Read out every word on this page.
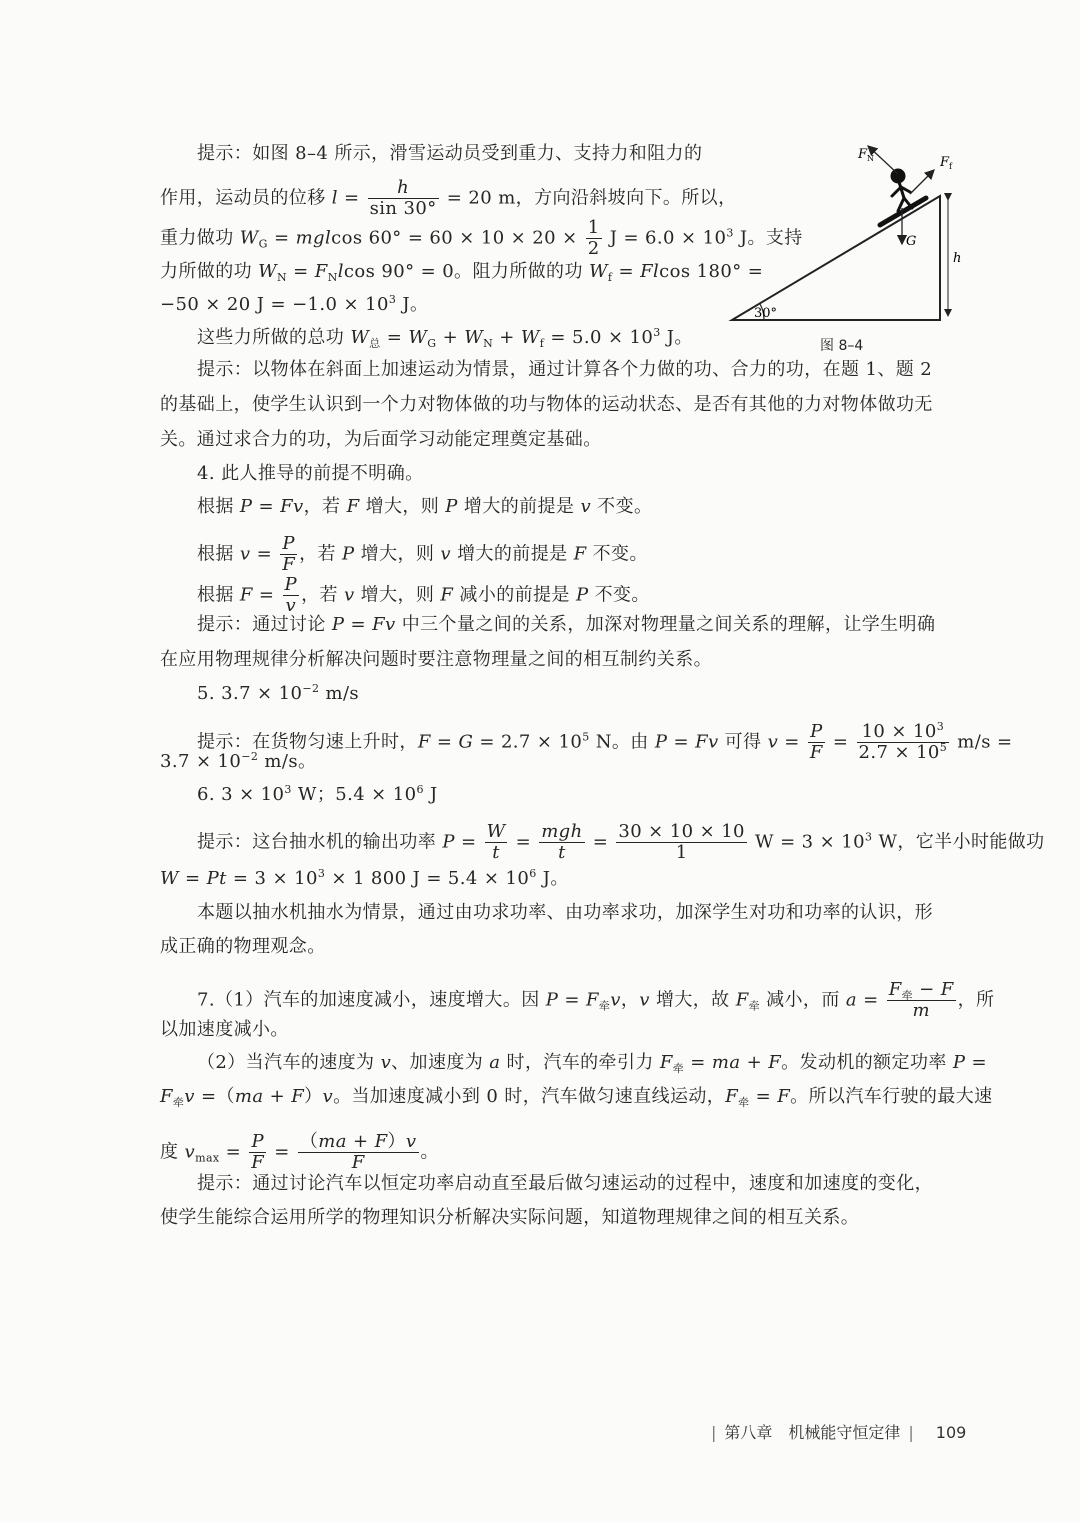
提示：如图 8–4 所示，滑雪运动员受到重力、支持力和阻力的
作用，运动员的位移 $l = \frac{h}{\sin 30^\circ} = 20$ m，方向沿斜坡向下。所以，
重力做功 $W_G = mglcos$ $60^\circ = 60 \times 10 \times 20 \times \frac{1}{2}$ $J = 6.0 \times 10^3$ J。支持
力所做的功 $W_N = F_Nlcos$ 90° = 0。阻力所做的功 $W_f = Flcos$ 180° =
−50 × 20 $J = -1.0 \times 10^3$ J。
这些力所做的总功 $W_总 = W_G + W_N + W_f = 5.0 \times 10^3$ J。
提示：以物体在斜面上加速运动为情景，通过计算各个力做的功、合力的功，在题 1、题 2
的基础上，使学生认识到一个力对物体做的功与物体的运动状态、是否有其他的力对物体做功无
关。通过求合力的功，为后面学习动能定理奠定基础。
F N	F f
G
h
30°
图 8–4
4. 此人推导的前提不明确。
根据 P = Fv，若 F 增大，则 P 增大的前提是 v 不变。
根据 $v = \frac{P}{F}$ ，若 P 增大，则 v 增大的前提是 F 不变。
根据 $F = \frac{P}{v}$ ，若 v 增大，则 F 减小的前提是 P 不变。
提示：通过讨论 P = Fv 中三个量之间的关系，加深对物理量之间关系的理解，让学生明确
在应用物理规律分析解决问题时要注意物理量之间的相互制约关系。
5. $3.7 \times 10^{-2}$ m/s
提示：在货物匀速上升时，$F = G = 2.7 \times 10^5$ N。由 P = Fv 可得 $v = \frac{P}{F} = \frac{10 \times 10^3}{2.7 \times 10^5} m/s$ =
$3.7 \times 10^{-2}$ m/s。
6. $3 \times 10^3$ W；$5.4 \times 10^6$ J
提示：这台抽水机的输出功率 $P = \frac{W}{t} = \frac{\text{mgh}}{t} = \frac{30 \times 10 \times 10}{1}$ $W = 3 \times 10^3$ W，它半小时能做功
$W = Pt = 3 \times 10^3 \times 1$ 800 $J = 5.4 \times 10^6$ J。
本题以抽水机抽水为情景，通过由功求功率、由功率求功，加深学生对功和功率的认识，形
成正确的物理观念。
7.（1）汽车的加速度减小，速度增大。因 $P = F_牵v$，v 增大，故 $F_牵$ 减小，而 $a = \frac{F_牵 - F}{m}$ ，所
以加速度减小。
（2）当汽车的速度为 v、加速度为 a 时，汽车的牵引力 $F_牵$ = ma + F。发动机的额定功率 P =
$F_牵v =(ma + F)v$。当加速度减小到 0 时，汽车做匀速直线运动，$F_牵 = F$。所以汽车行驶的最大速
度 $v_{max} = \frac{P}{F} = \frac{(ma + F)v}{F}$ 。
提示：通过讨论汽车以恒定功率启动直至最后做匀速运动的过程中，速度和加速度的变化，
使学生能综合运用所学的物理知识分析解决实际问题，知道物理规律之间的相互关系。
| 第八章　机械能守恒定律 | 109
